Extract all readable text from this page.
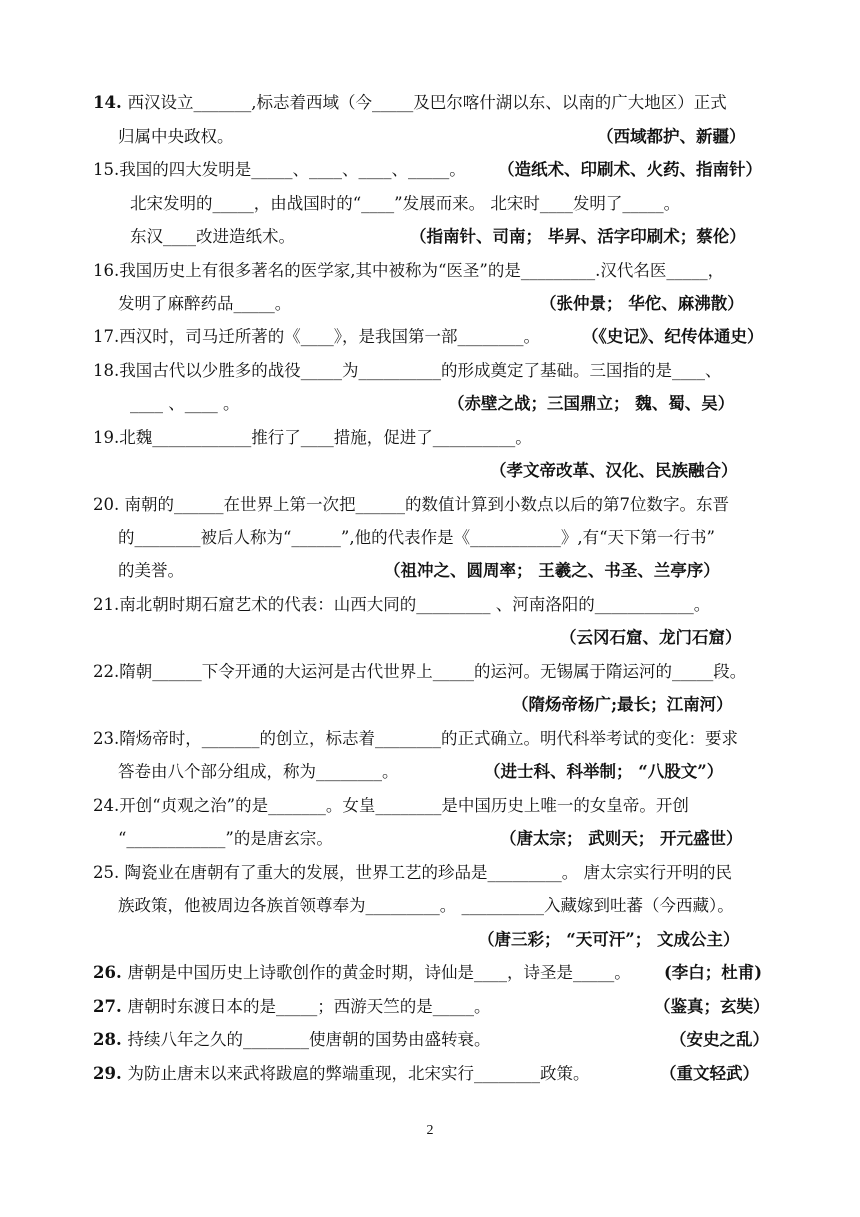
2
14. 西汉设立_______,标志着西域（今_____及巴尔喀什湖以东、以南的广大地区）正式
归属中央政权。	（西域都护、新疆）
15.我国的四大发明是_____、____、____、_____。 （造纸术、印刷术、火药、指南针）
北宋发明的_____，由战国时的“____”发展而来。 北宋时____发明了_____。
东汉____改进造纸术。	（指南针、司南； 毕昇、活字印刷术；蔡伦）
16.我国历史上有很多著名的医学家,其中被称为“医圣”的是_________.汉代名医_____，
发明了麻醉药品_____。	（张仲景； 华佗、麻沸散）
17.西汉时，司马迁所著的《____》，是我国第一部________。	（《史记》、纪传体通史）
18.我国古代以少胜多的战役_____为__________的形成奠定了基础。三国指的是____、
____ 、____ 。	（赤壁之战；三国鼎立； 魏、蜀、吴）
19.北魏____________推行了____措施，促进了__________。
（孝文帝改革、汉化、民族融合）
20. 南朝的______在世界上第一次把______的数值计算到小数点以后的第7位数字。东晋
的________被后人称为“______”,他的代表作是《___________》,有“天下第一行书”
的美誉。	（祖冲之、圆周率； 王羲之、书圣、兰亭序）
21.南北朝时期石窟艺术的代表：山西大同的_________ 、河南洛阳的____________。
（云冈石窟、龙门石窟）
22.隋朝______下令开通的大运河是古代世界上_____的运河。无锡属于隋运河的_____段。
（隋炀帝杨广;最长；江南河）
23.隋炀帝时，_______的创立，标志着________的正式确立。明代科举考试的变化：要求
答卷由八个部分组成，称为________。	（进士科、科举制； “八股文”）
24.开创“贞观之治”的是_______。女皇________是中国历史上唯一的女皇帝。开创
“____________”的是唐玄宗。	（唐太宗； 武则天； 开元盛世）
25. 陶瓷业在唐朝有了重大的发展，世界工艺的珍品是_________。 唐太宗实行开明的民
族政策，他被周边各族首领尊奉为_________。 __________入藏嫁到吐蕃（今西藏）。
（唐三彩； “天可汗”； 文成公主）
26. 唐朝是中国历史上诗歌创作的黄金时期，诗仙是____，诗圣是_____。 (李白；杜甫)
27. 唐朝时东渡日本的是_____；西游天竺的是_____。	（鉴真；玄奘）
28. 持续八年之久的________使唐朝的国势由盛转衰。	（安史之乱）
29. 为防止唐末以来武将跋扈的弊端重现，北宋实行________政策。	（重文轻武）
